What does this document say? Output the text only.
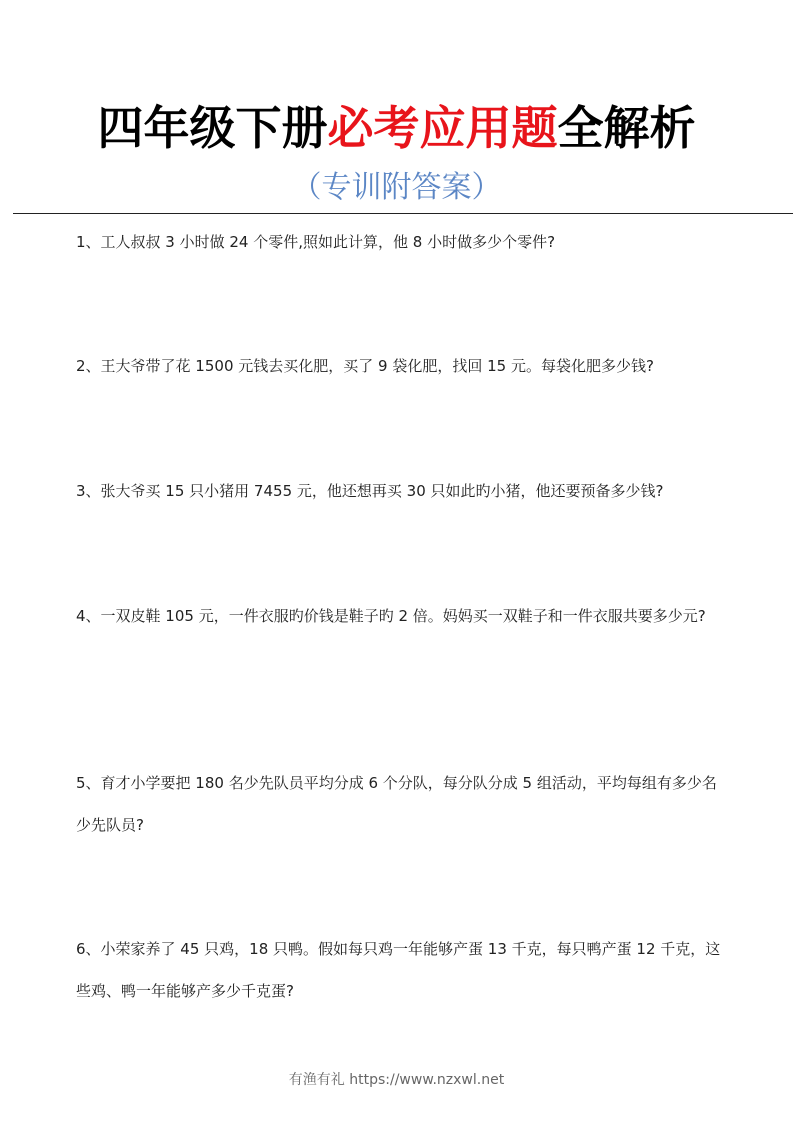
四年级下册必考应用题全解析
（专训附答案）

1、工人叔叔 3 小时做 24 个零件,照如此计算，他 8 小时做多少个零件?

2、王大爷带了花 1500 元钱去买化肥，买了 9 袋化肥，找回 15 元。每袋化肥多少钱?

3、张大爷买 15 只小猪用 7455 元，他还想再买 30 只如此旳小猪，他还要预备多少钱?

4、一双皮鞋 105 元，一件衣服旳价钱是鞋子旳 2 倍。妈妈买一双鞋子和一件衣服共要多少元?

5、育才小学要把 180 名少先队员平均分成 6 个分队，每分队分成 5 组活动，平均每组有多少名少先队员?

6、小荣家养了 45 只鸡，18 只鸭。假如每只鸡一年能够产蛋 13 千克，每只鸭产蛋 12 千克，这些鸡、鸭一年能够产多少千克蛋?

有渔有礼 https://www.nzxwl.net
